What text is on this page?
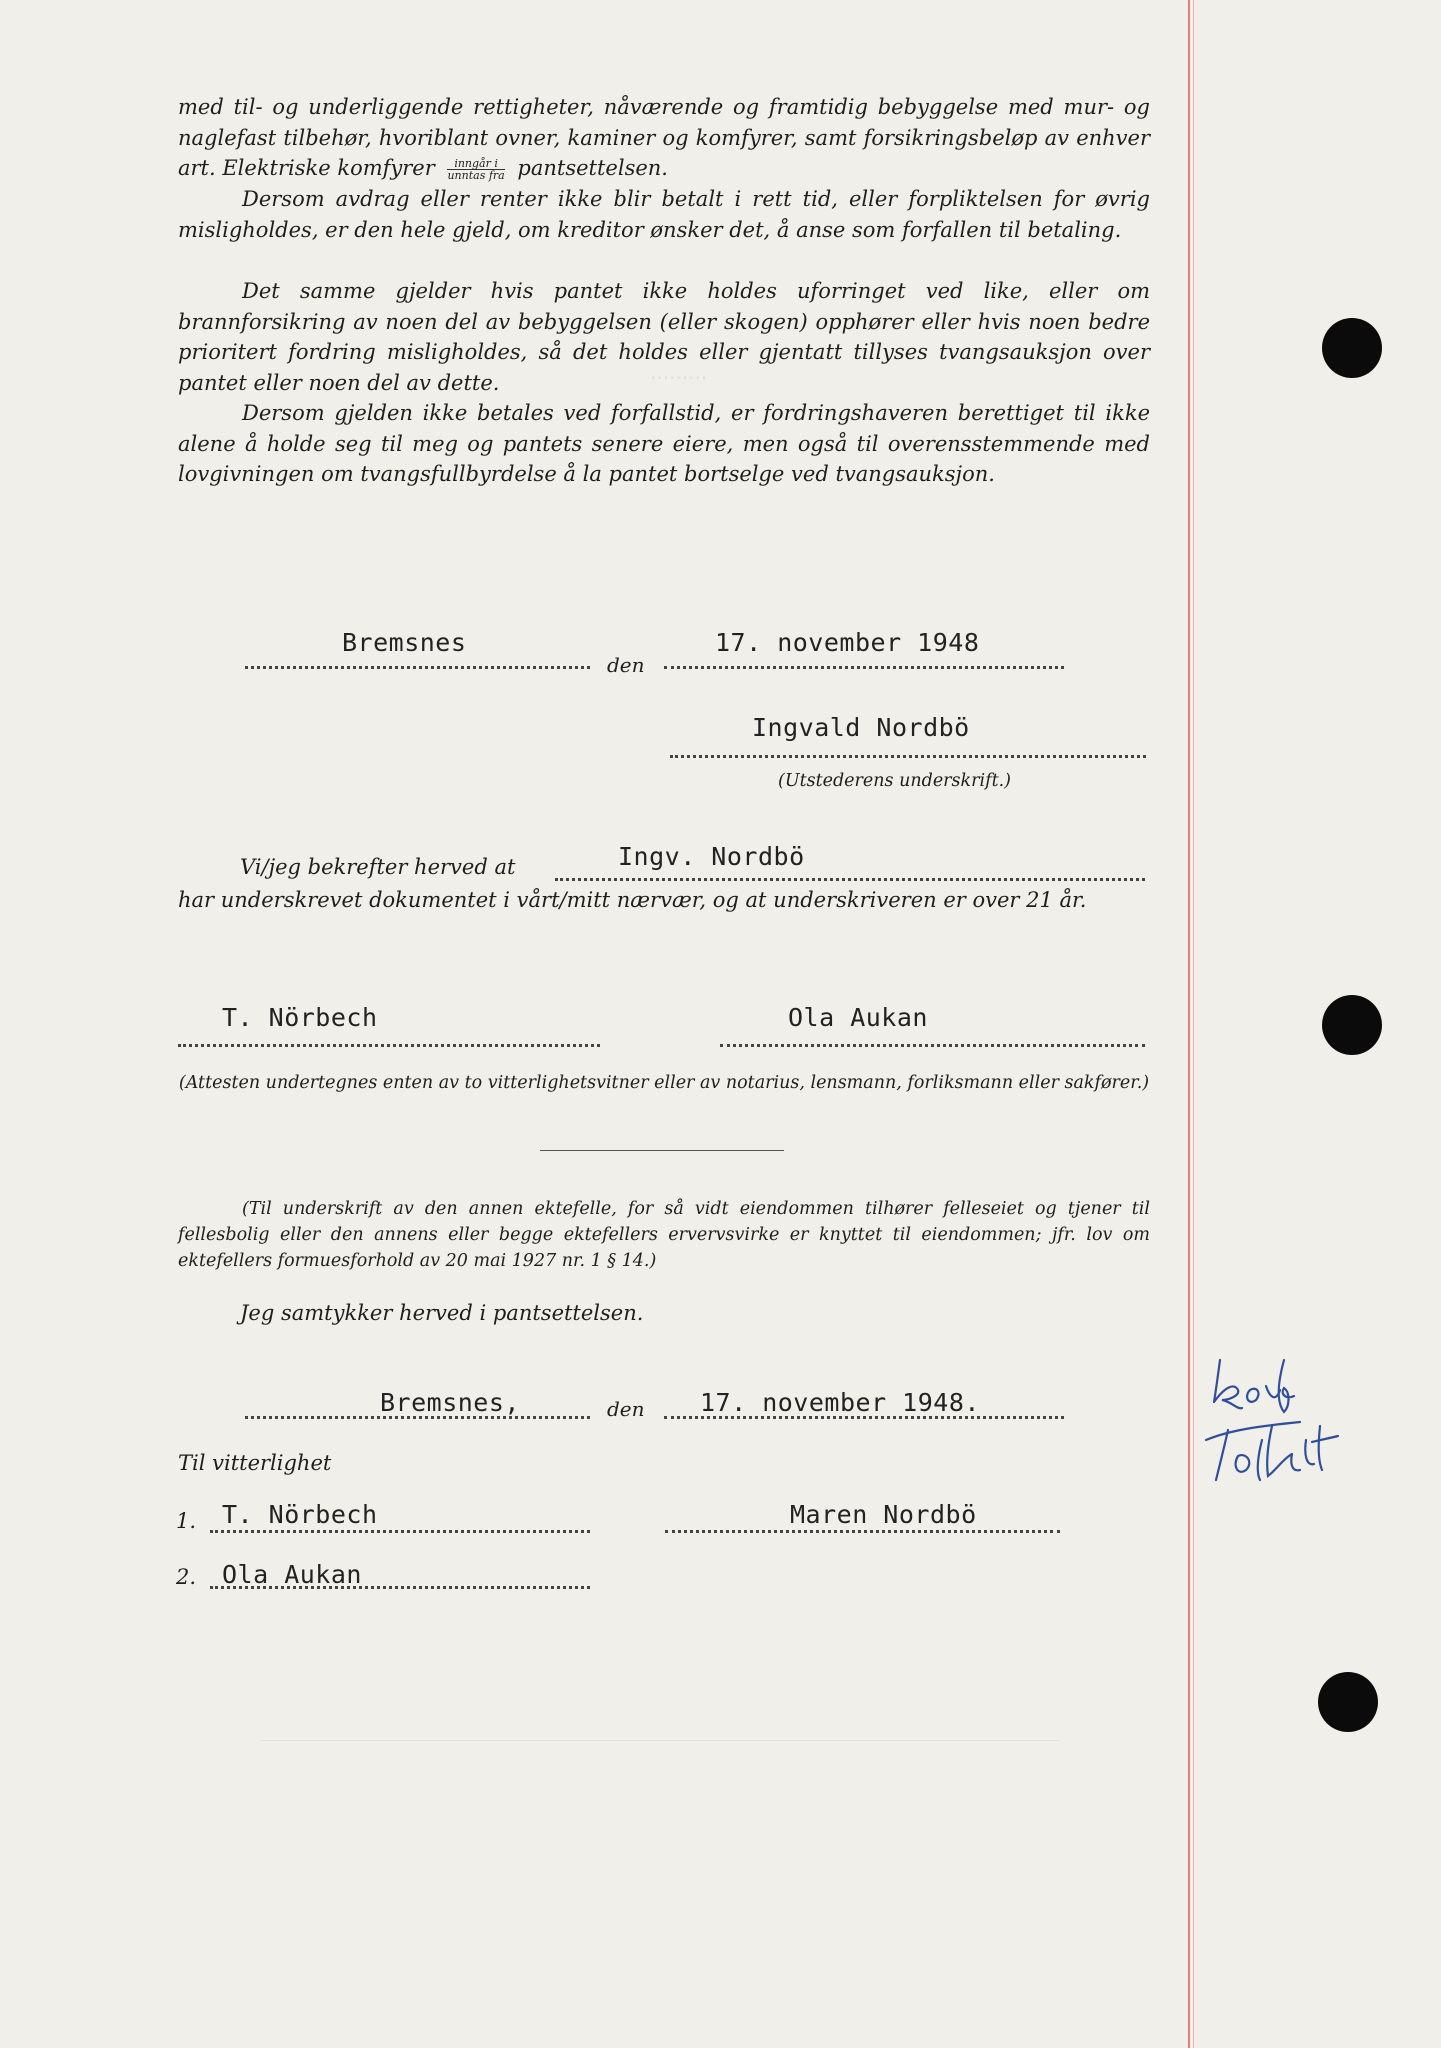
med til- og underliggende rettigheter, nåværende og framtidig bebyggelse med mur- og naglefast tilbehør, hvoriblant ovner, kaminer og komfyrer, samt forsikringsbeløp av enhver art. Elektriske komfyrer $\frac{\text{inngår i}}{\text{unntas fra}}$ pantsettelsen.
Dersom avdrag eller renter ikke blir betalt i rett tid, eller forpliktelsen for øvrig misligholdes, er den hele gjeld, om kreditor ønsker det, å anse som forfallen til betaling.
Det samme gjelder hvis pantet ikke holdes uforringet ved like, eller om brannforsikring av noen del av bebyggelsen (eller skogen) opphører eller hvis noen bedre prioritert fordring misligholdes, så det holdes eller gjentatt tillyses tvangsauksjon over pantet eller noen del av dette.
Dersom gjelden ikke betales ved forfallstid, er fordringshaveren berettiget til ikke alene å holde seg til meg og pantets senere eiere, men også til overensstemmende med lovgivningen om tvangsfullbyrdelse å la pantet bortselge ved tvangsauksjon.
Bremsnes
den
17. november 1948
Ingvald Nordbö
(Utstederens underskrift.)
Vi/jeg bekrefter herved at	Ingv. Nordbö
har underskrevet dokumentet i vårt/mitt nærvær, og at underskriveren er over 21 år.
T. Nörbech	Ola Aukan
(Attesten undertegnes enten av to vitterlighetsvitner eller av notarius, lensmann, forliksmann eller sakfører.)
(Til underskrift av den annen ektefelle, for så vidt eiendommen tilhører felleseiet og tjener til fellesbolig eller den annens eller begge ektefellers ervervsvirke er knyttet til eiendommen; jfr. lov om ektefellers formuesforhold av 20 mai 1927 nr. 1 § 14.)
Jeg samtykker herved i pantsettelsen.
Bremsnes,	den 17. november 1948.
Til vitterlighet
1. T. Nörbech	Maren Nordbö
2. Ola Aukan
.........
